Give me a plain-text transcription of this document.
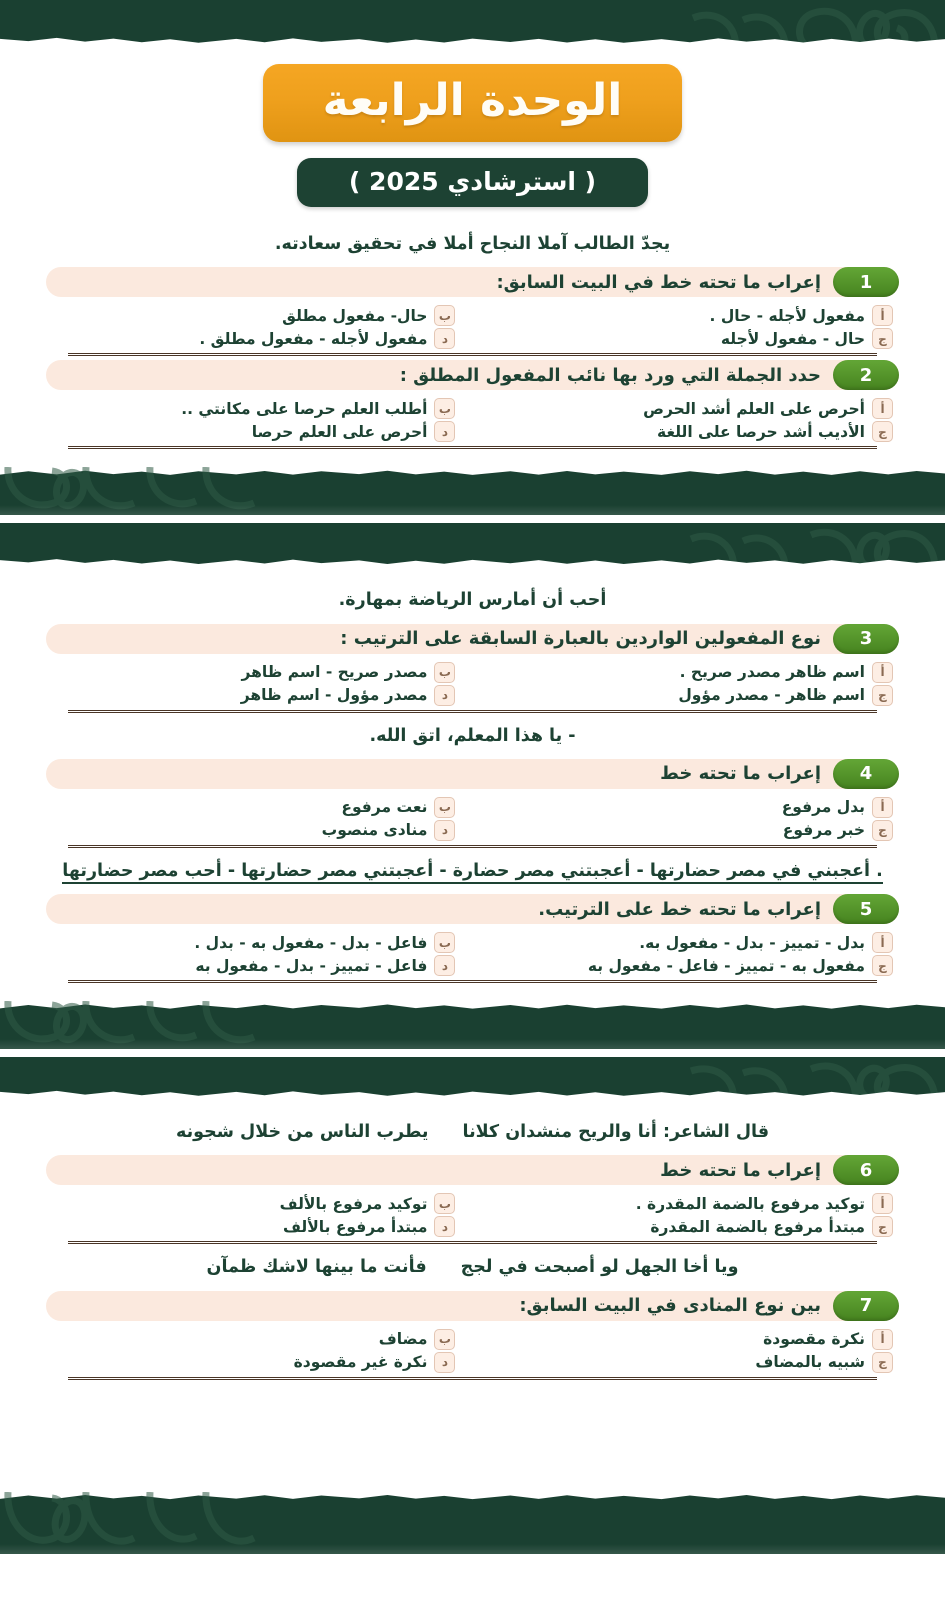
الوحدة الرابعة
( استرشادي 2025 )
يجدّ الطالب آملا النجاح أملا في تحقيق سعادته.
1
إعراب ما تحته خط في البيت السابق:
أ
مفعول لأجله - حال .
ب
حال- مفعول مطلق
ج
حال - مفعول لأجله
د
مفعول لأجله - مفعول مطلق .
2
حدد الجملة التي ورد بها نائب المفعول المطلق :
أ
أحرص على العلم أشد الحرص
ب
أطلب العلم حرصا على مكانتي ..
ج
الأديب أشد حرصا على اللغة
د
أحرص على العلم حرصا
أحب أن أمارس الرياضة بمهارة.
3
نوع المفعولين الواردين بالعبارة السابقة على الترتيب :
أ
اسم ظاهر مصدر صريح .
ب
مصدر صريح - اسم ظاهر
ج
اسم ظاهر - مصدر مؤول
د
مصدر مؤول - اسم ظاهر
- يا هذا المعلم، اتق الله.
4
إعراب ما تحته خط
أ
بدل مرفوع
ب
نعت مرفوع
ج
خبر مرفوع
د
منادى منصوب
. أعجبني في مصر حضارتها - أعجبتني مصر حضارة - أعجبتني مصر حضارتها - أحب مصر حضارتها
5
إعراب ما تحته خط على الترتيب.
أ
بدل - تمييز - بدل - مفعول به.
ب
فاعل - بدل - مفعول به - بدل .
ج
مفعول به - تمييز - فاعل - مفعول به
د
فاعل - تمييز - بدل - مفعول به
قال الشاعر: أنا والريح منشدان كلانا
يطرب الناس من خلال شجونه
6
إعراب ما تحته خط
أ
توكيد مرفوع بالضمة المقدرة .
ب
توكيد مرفوع بالألف
ج
مبتدأ مرفوع بالضمة المقدرة
د
مبتدأ مرفوع بالألف
ويا أخا الجهل لو أصبحت في لجج
فأنت ما بينها لاشك ظمآن
7
بين نوع المنادى في البيت السابق:
أ
نكرة مقصودة
ب
مضاف
ج
شبيه بالمضاف
د
نكرة غير مقصودة
